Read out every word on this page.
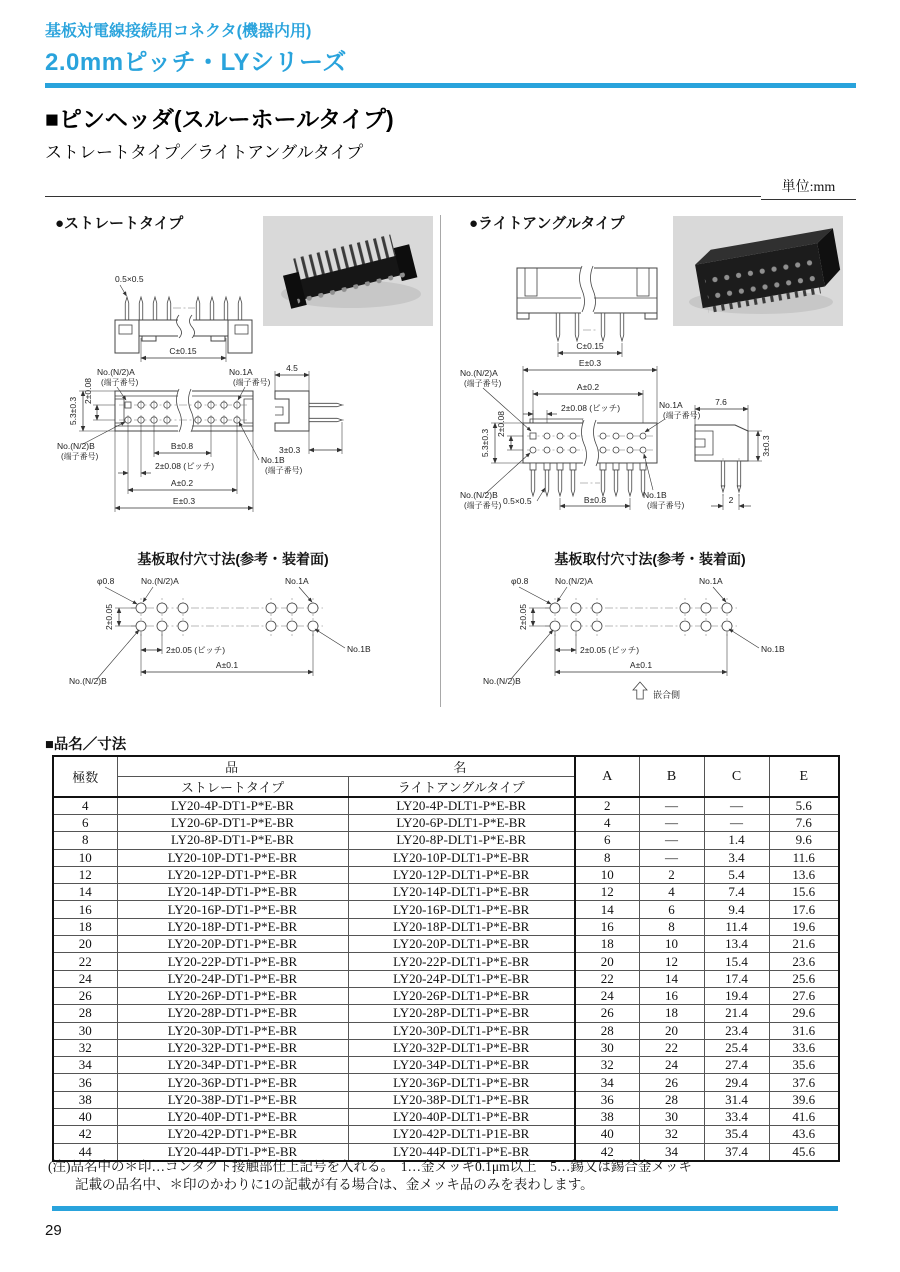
基板対電線接続用コネクタ(機器内用)
2.0mmピッチ・LYシリーズ
■ピンヘッダ(スルーホールタイプ)
ストレートタイプ／ライトアングルタイプ
単位:mm
●ストレートタイプ
0.5×0.5
C±0.15
No.(N/2)A
(端子番号)
No.1A
(端子番号)
2±0.08
5.3±0.3
No.(N/2)B
(端子番号)	No.1B
(端子番号)
B±0.8
2±0.08 (ピッチ)
A±0.2
E±0.3
4.5
3±0.3
基板取付穴寸法(参考・装着面)
φ0.8	No.(N/2)A	No.1A
2±0.05
2±0.05 (ピッチ)
A±0.1
No.(N/2)B
No.1B
●ライトアングルタイプ
C±0.15
E±0.3
A±0.2
2±0.08 (ピッチ)
2±0.08
5.3±0.3
No.(N/2)A
(端子番号)
No.1A
(端子番号)
No.(N/2)B
(端子番号) 0.5×0.5	B±0.8	No.1B
(端子番号)
7.6
3±0.3
2
基板取付穴寸法(参考・装着面)
φ0.8	No.(N/2)A	No.1A
2±0.05
2±0.05 (ピッチ)
A±0.1
No.(N/2)B
No.1B
嵌合側
■品名／寸法
極数	品 名		A	B	C	E
	ストレートタイプ	ライトアングルタイプ				
4	LY20-4P-DT1-P*E-BR	LY20-4P-DLT1-P*E-BR	2	—	—	5.6
6	LY20-6P-DT1-P*E-BR	LY20-6P-DLT1-P*E-BR	4	—	—	7.6
8	LY20-8P-DT1-P*E-BR	LY20-8P-DLT1-P*E-BR	6	—	1.4	9.6
10	LY20-10P-DT1-P*E-BR	LY20-10P-DLT1-P*E-BR	8	—	3.4	11.6
12	LY20-12P-DT1-P*E-BR	LY20-12P-DLT1-P*E-BR	10	2	5.4	13.6
14	LY20-14P-DT1-P*E-BR	LY20-14P-DLT1-P*E-BR	12	4	7.4	15.6
16	LY20-16P-DT1-P*E-BR	LY20-16P-DLT1-P*E-BR	14	6	9.4	17.6
18	LY20-18P-DT1-P*E-BR	LY20-18P-DLT1-P*E-BR	16	8	11.4	19.6
20	LY20-20P-DT1-P*E-BR	LY20-20P-DLT1-P*E-BR	18	10	13.4	21.6
22	LY20-22P-DT1-P*E-BR	LY20-22P-DLT1-P*E-BR	20	12	15.4	23.6
24	LY20-24P-DT1-P*E-BR	LY20-24P-DLT1-P*E-BR	22	14	17.4	25.6
26	LY20-26P-DT1-P*E-BR	LY20-26P-DLT1-P*E-BR	24	16	19.4	27.6
28	LY20-28P-DT1-P*E-BR	LY20-28P-DLT1-P*E-BR	26	18	21.4	29.6
30	LY20-30P-DT1-P*E-BR	LY20-30P-DLT1-P*E-BR	28	20	23.4	31.6
32	LY20-32P-DT1-P*E-BR	LY20-32P-DLT1-P*E-BR	30	22	25.4	33.6
34	LY20-34P-DT1-P*E-BR	LY20-34P-DLT1-P*E-BR	32	24	27.4	35.6
36	LY20-36P-DT1-P*E-BR	LY20-36P-DLT1-P*E-BR	34	26	29.4	37.6
38	LY20-38P-DT1-P*E-BR	LY20-38P-DLT1-P*E-BR	36	28	31.4	39.6
40	LY20-40P-DT1-P*E-BR	LY20-40P-DLT1-P*E-BR	38	30	33.4	41.6
42	LY20-42P-DT1-P*E-BR	LY20-42P-DLT1-P1E-BR	40	32	35.4	43.6
44	LY20-44P-DT1-P*E-BR	LY20-44P-DLT1-P*E-BR	42	34	37.4	45.6
(注)品名中の＊印…コンタクト接触部仕上記号を入れる。　1…金メッキ0.1μm以上　5…錫又は錫合金メッキ
記載の品名中、＊印のかわりに1の記載が有る場合は、金メッキ品のみを表わします。
29
